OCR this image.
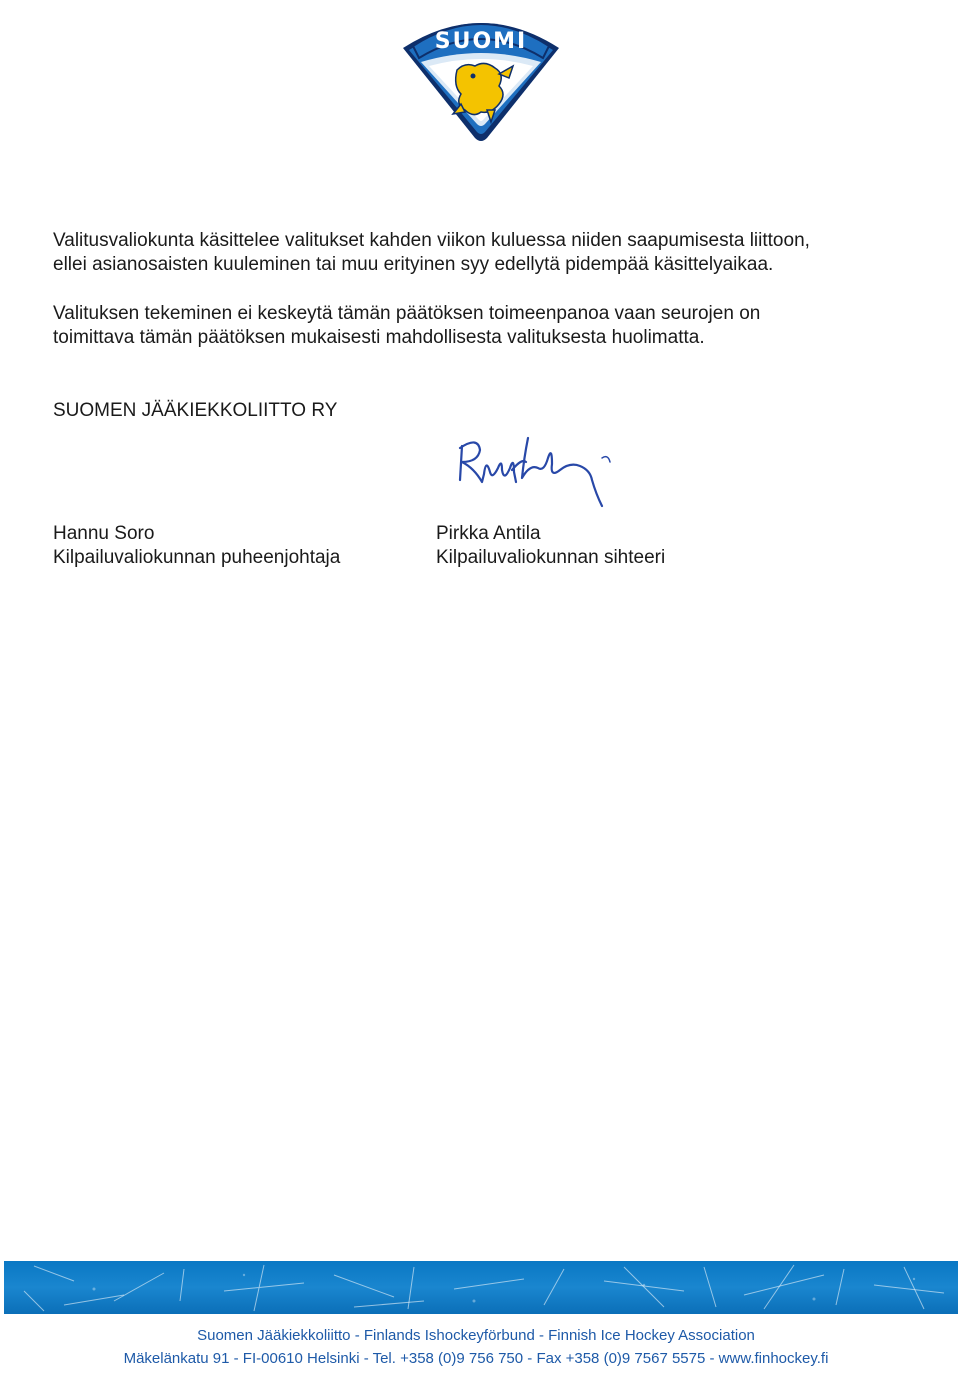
SUOMI

Valitusvaliokunta käsittelee valitukset kahden viikon kuluessa niiden saapumisesta liittoon,
ellei asianosaisten kuuleminen tai muu erityinen syy edellytä pidempää käsittelyaikaa.

Valituksen tekeminen ei keskeytä tämän päätöksen toimeenpanoa vaan seurojen on
toimittava tämän päätöksen mukaisesti mahdollisesta valituksesta huolimatta.

SUOMEN JÄÄKIEKKOLIITTO RY
Hannu Soro
Kilpailuvaliokunnan puheenjohtaja
Pirkka Antila
Kilpailuvaliokunnan sihteeri
Suomen Jääkiekkoliitto - Finlands Ishockeyförbund - Finnish Ice Hockey Association
Mäkelänkatu 91 - FI-00610 Helsinki - Tel. +358 (0)9 756 750 - Fax +358 (0)9 7567 5575 - www.finhockey.fi
